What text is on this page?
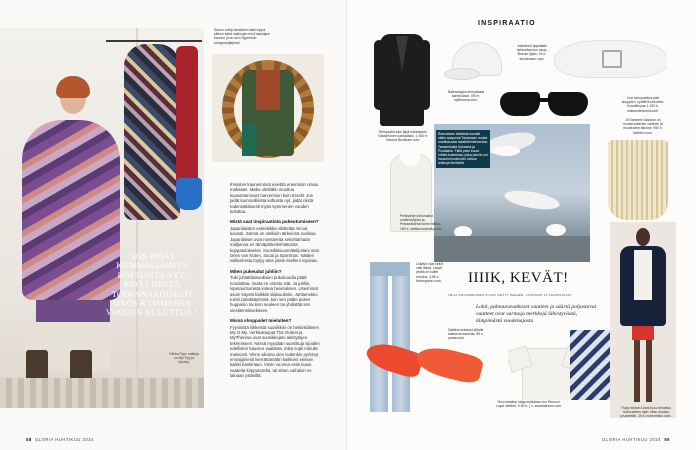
"JOS PIDÄT KUMMALLISISTA KOLTUISTA NYT, PIDÄT NIISTÄ TODENNÄKÖISESTI MYÖS KYMMENEN VUODEN KULUTTUA."
Riikka Pyyn malleja on läpi Pyy ja Myrsky.
Saruin voitty-farukkeen takki nppä pilleen sekä malleojen eriol hassiajen kannun ja on aivo Sypressin kumppanijärjestö.

Ihmisten kauneimmat esiettiä enemmän omaa maksaan. Maku ulmittäin muuttuu kuusamarvuset harvemmin kuin trendit. Jos pidät kummallisista koltuista nyt, pidät niistä todennäköisesti myös kymmenen vuoden kuluttua.

Mistä saat inspiraatiota pukeutumiseen?

Japanilaisten esteetiikka vikittelää minua kovasti. Särmä on olellisiin tärkeinnä roolissa. Japanilaiset ovat mestareita sekoittamaan malljonna eri tärväpärkeitelmätoista kuppatulokseksi. Suosikkisuunnittelijoitani ovat Dries van Noten, Sacai ja Sportmax. Näiden valikoimista löytyy aina jotain itselleni sopivaa.

Miten pukeudut juhliin?

Tuki juhlattilaisuuksien pukukoodia pitää noudattaa, mutta en ostottu sitä. Ja juhliin, lopetauntumista kokea hesetuksen. Useimmat asuni käyvät kaikkiin tilaisuuksiin. Juhlamekko toimii päiväkäytössä, kun sen pääle pukee huppariin tai lenn neuleen tai yhdistää sen viestitenniksekseen.

Missä shoppailet mieluiten?

Fyysisistä liikkeistä suosikkini on helsinkiläinen My O My. Verkkokaupat The Outnet ja MyTheresa ovat suosikkejani alelöytöjen tekemiseen. Niissä myydään suosittuja sijoiden edellisten kausien vaatteita, mikä sopii minulle mainiosti. Viime aikoina olen kuitenkin pyrkinyt ensisijaisesti kierrättämään kaikkeni eteisen kaikki hankintani. Viime vuonna ostin kuusi vaatetta kirpputorelta, tai sitten vaihdoin ne lainaan ystäviltä.

58 GLORIA HUHTIKUU 2024
INSPIRAATIO
Rempsakä tuloi läpä nahkatakki. Kaksirivinen nahkatakki, 1 450 e, Victoria Beckham.com.
Valkoinen lippalakki hehkuttaa kun asua. Busuin lippis, 45 e, stookmann.com.
Balenciagan lennokkaat aurinkolasit, 490 e, mytheresa.com.
Kori tahopuettua pää kuuppien, vyötäröt tuleneen. Kuvaliitoyaa 1 190 e, maisondefoncia.com.
Rannaksen keltaista kovasti säkin saapuvat Tavamaan musta mariilukuuas takaththimieriantiun Tamanekalla Suksarta ja Puolalalla. Tällä paloi kuust ertistä kukenkaa, jotka pieniin ovi hauseinmuokuvien kahua ankkoja kierkiellä.
Jil Sanderin laaukan on muiskumäenen väriinen ja muuttuvine alkuine, 950 e, farfetch.com.
Pelkistetyt ohtiumallot sndänlöytyöta ja. Petsseastetut tontin melko, 189 e, stellamccartney.com.
Lökäsit ovat neliöt vaik lässä. Lasalt pivilla on kullet muotoa, 4,65 e, lindmayann.com.	IIIIK, KEVÄT!
TEIJA SOLONMAINEN KUVAT GETTY IMAGES, L'ESTROP JA VALMISTAJAT
Lokit, pahtauvuvatkoset vaatteet ja säärtä paljastavat vaatteet ovat varmoja merkkejä lähestyvästä, lämpimästä vuodenajasta.
Sattiinmokkaiset pilkvät saiestuut saaroila, 89 e, prada.com.
Yksi mewtiva neiguminkaisen tuo Rennon. Lapsi oleiden, 9.80 e, j.o. sasaralesms.com.	Flapp tinitain Liiani kuuu Ilmattaa hanvuoteen ajan. Misu modan pruanetille, 25 e, marimekko.com.
GLORIA HUHTIKUU 2024 59
